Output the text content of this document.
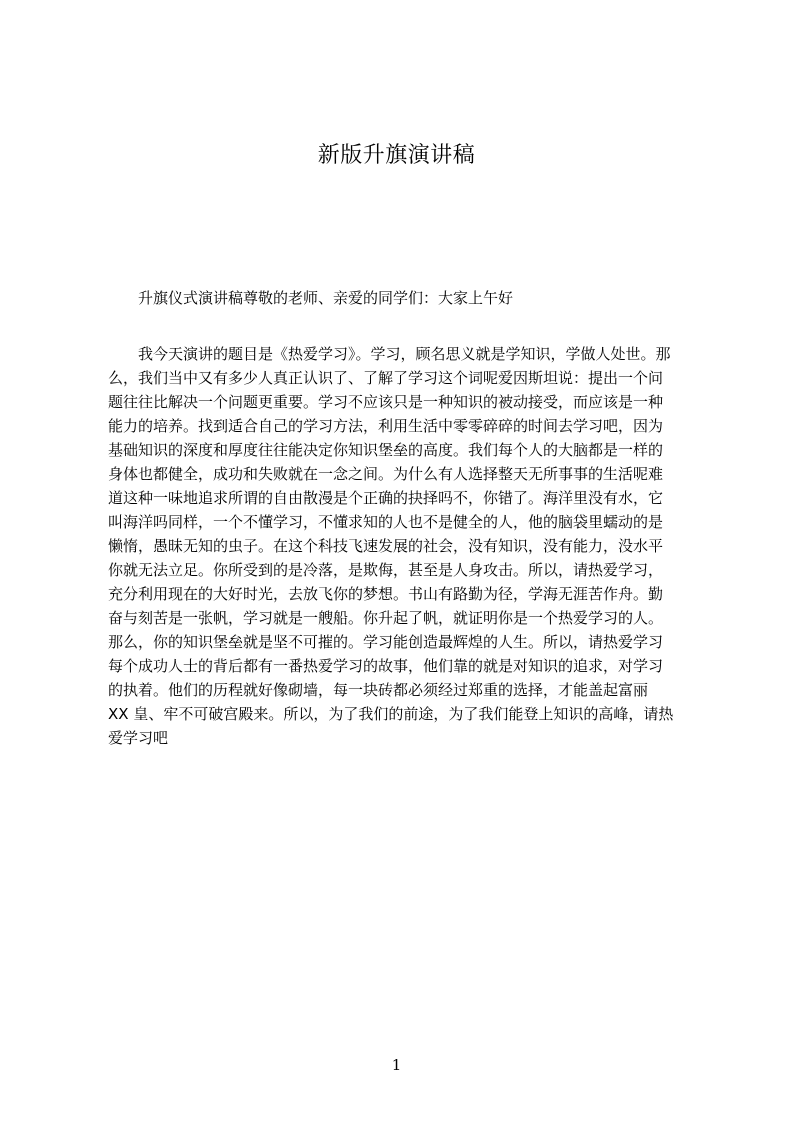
新版升旗演讲稿

升旗仪式演讲稿尊敬的老师、亲爱的同学们：大家上午好

　　我今天演讲的题目是《热爱学习》。学习，顾名思义就是学知识，学做人处世。那
么，我们当中又有多少人真正认识了、了解了学习这个词呢爱因斯坦说：提出一个问
题往往比解决一个问题更重要。学习不应该只是一种知识的被动接受，而应该是一种
能力的培养。找到适合自己的学习方法，利用生活中零零碎碎的时间去学习吧，因为
基础知识的深度和厚度往往能决定你知识堡垒的高度。我们每个人的大脑都是一样的
身体也都健全，成功和失败就在一念之间。为什么有人选择整天无所事事的生活呢难
道这种一味地追求所谓的自由散漫是个正确的抉择吗不，你错了。海洋里没有水，它
叫海洋吗同样，一个不懂学习，不懂求知的人也不是健全的人，他的脑袋里蠕动的是
懒惰，愚昧无知的虫子。在这个科技飞速发展的社会，没有知识，没有能力，没水平
你就无法立足。你所受到的是冷落，是欺侮，甚至是人身攻击。所以，请热爱学习，
充分利用现在的大好时光，去放飞你的梦想。书山有路勤为径，学海无涯苦作舟。勤
奋与刻苦是一张帆，学习就是一艘船。你升起了帆，就证明你是一个热爱学习的人。
那么，你的知识堡垒就是坚不可摧的。学习能创造最辉煌的人生。所以，请热爱学习
每个成功人士的背后都有一番热爱学习的故事，他们靠的就是对知识的追求，对学习
的执着。他们的历程就好像砌墙，每一块砖都必须经过郑重的选择，才能盖起富丽
XX 皇、牢不可破宫殿来。所以，为了我们的前途，为了我们能登上知识的高峰，请热
爱学习吧
1
